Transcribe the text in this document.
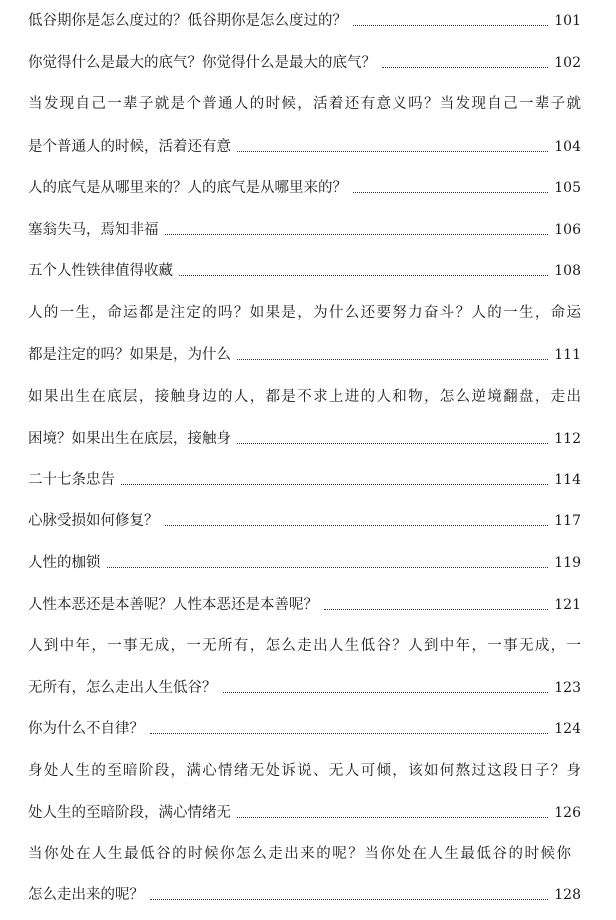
低谷期你是怎么度过的？低谷期你是怎么度过的？	101
你觉得什么是最大的底气？你觉得什么是最大的底气？	102
当发现自己一辈子就是个普通人的时候，活着还有意义吗？当发现自己一辈子就
是个普通人的时候，活着还有意	104
人的底气是从哪里来的？人的底气是从哪里来的？	105
塞翁失马，焉知非福	106
五个人性铁律值得收藏	108
人的一生，命运都是注定的吗？如果是，为什么还要努力奋斗？人的一生，命运
都是注定的吗？如果是，为什么	111
如果出生在底层，接触身边的人，都是不求上进的人和物，怎么逆境翻盘，走出
困境？如果出生在底层，接触身	112
二十七条忠告	114
心脉受损如何修复？	117
人性的枷锁	119
人性本恶还是本善呢？人性本恶还是本善呢？	121
人到中年，一事无成，一无所有，怎么走出人生低谷？人到中年，一事无成，一
无所有，怎么走出人生低谷？	123
你为什么不自律？	124
身处人生的至暗阶段，满心情绪无处诉说、无人可倾，该如何熬过这段日子？身
处人生的至暗阶段，满心情绪无	126
当你处在人生最低谷的时候你怎么走出来的呢？当你处在人生最低谷的时候你
怎么走出来的呢？	128
